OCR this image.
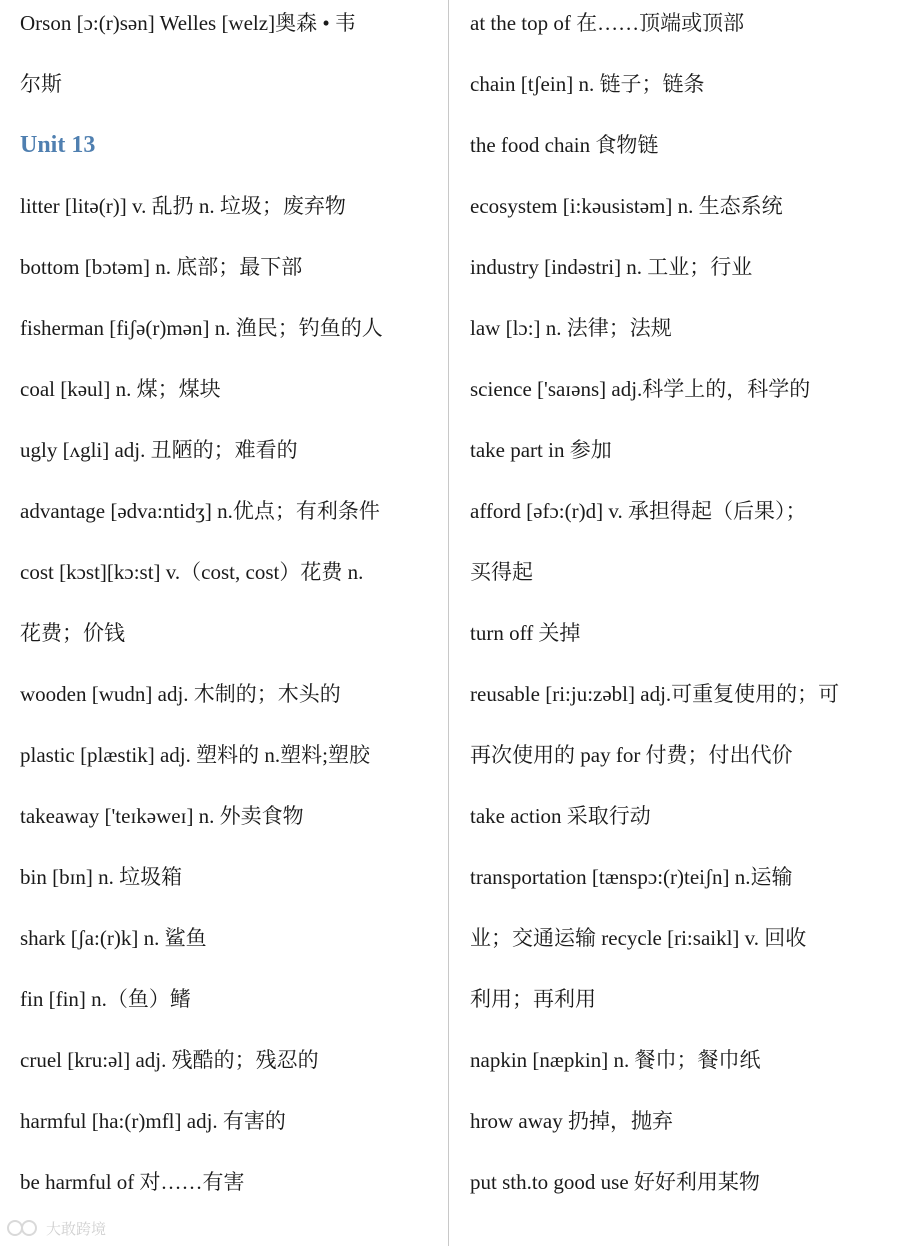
Orson [ɔ:(r)sən] Welles [welz]奥森 • 韦
尔斯
Unit 13
litter [litə(r)] v. 乱扔 n. 垃圾；废弃物
bottom [bɔtəm] n. 底部；最下部
fisherman [fiʃə(r)mən] n. 渔民；钓鱼的人
coal [kəul] n. 煤；煤块
ugly [ʌgli] adj. 丑陋的；难看的
advantage [ədva:ntidʒ] n.优点；有利条件
cost [kɔst][kɔ:st] v.（cost, cost）花费 n.
花费；价钱
wooden [wudn] adj. 木制的；木头的
plastic [plæstik] adj. 塑料的 n.塑料;塑胶
takeaway ['teɪkəweɪ] n. 外卖食物
bin [bɪn] n. 垃圾箱
shark [ʃa:(r)k] n. 鲨鱼
fin [fin] n.（鱼）鳍
cruel [kru:əl] adj. 残酷的；残忍的
harmful [ha:(r)mfl] adj. 有害的
be harmful of 对……有害
at the top of 在……顶端或顶部
chain [tʃein] n. 链子；链条
the food chain 食物链
ecosystem [i:kəusistəm] n. 生态系统
industry [indəstri] n. 工业；行业
law [lɔ:] n. 法律；法规
science ['saɪəns] adj.科学上的，科学的
take part in 参加
afford [əfɔ:(r)d] v. 承担得起（后果）；
买得起
turn off 关掉
reusable [ri:ju:zəbl] adj.可重复使用的；可
再次使用的 pay for 付费；付出代价
take action 采取行动
transportation [tænspɔ:(r)teiʃn] n.运输
业；交通运输 recycle [ri:saikl] v. 回收
利用；再利用
napkin [næpkin] n. 餐巾；餐巾纸
hrow away 扔掉，抛弃
put sth.to good use 好好利用某物
大敢跨境
